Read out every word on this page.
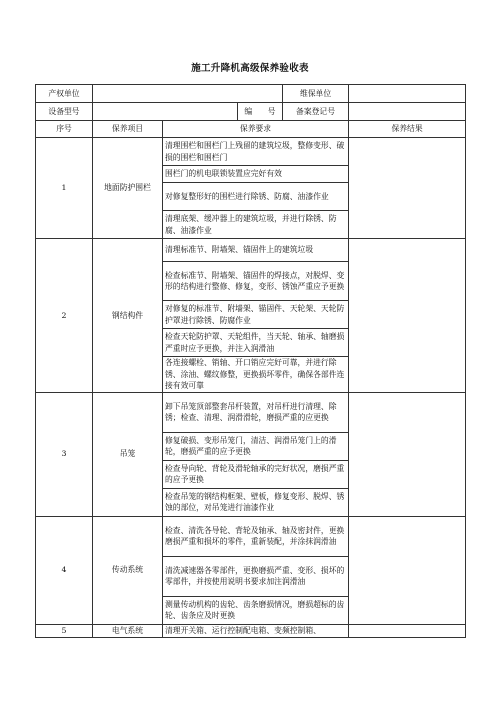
施工升降机高级保养验收表
产权单位				维保单位	
设备型号			编　　号	备案登记号	
序号	保养项目	保养要求			保养结果
1	地面防护围栏	清理围栏和围栏门上残留的建筑垃圾，整修变形、破损的围栏和围栏门			
		围栏门的机电联锁装置应完好有效			
		对修复整形好的围栏进行除锈、防腐、油漆作业			
		清理底架、缓冲器上的建筑垃圾，并进行除锈、防腐、油漆作业			
2	钢结构件	清理标准节、附墙架、锚固件上的建筑垃圾			
		检查标准节、附墙架、锚固件的焊接点，对脱焊、变形的结构进行整修、修复，变形、锈蚀严重应予更换			
		对修复的标准节、附墙架、锚固件、天轮架、天轮防护罩进行除锈、防腐作业			
		检查天轮防护罩、天轮组件，当天轮、轴承、轴磨损严重时应予更换，并注入润滑油			
		各连接螺栓、销轴、开口销应完好可靠，并进行除锈、涂油、螺纹修整，更换损坏零件，确保各部件连接有效可靠			
3	吊笼	卸下吊笼顶部整套吊杆装置，对吊杆进行清理、除锈；检查、清理、润滑滑轮，磨损严重的应更换			
		修复破损、变形吊笼门，清洁、润滑吊笼门上的滑轮，磨损严重的应予更换			
		检查导向轮、背轮及滑轮轴承的完好状况，磨损严重的应予更换			
		检查吊笼的钢结构框架、壁板，修复变形、脱焊、锈蚀的部位，对吊笼进行油漆作业			
4	传动系统	检查、清洗各导轮、背轮及轴承、轴及密封件，更换磨损严重和损坏的零件，重新装配，并涂抹润滑油			
		清洗减速器各零部件，更换磨损严重、变形、损坏的零部件，并按使用说明书要求加注润滑油			
		测量传动机构的齿轮、齿条磨损情况，磨损超标的齿轮、齿条应及时更换			
5	电气系统	清理开关箱、运行控制配电箱、变频控制箱、			
